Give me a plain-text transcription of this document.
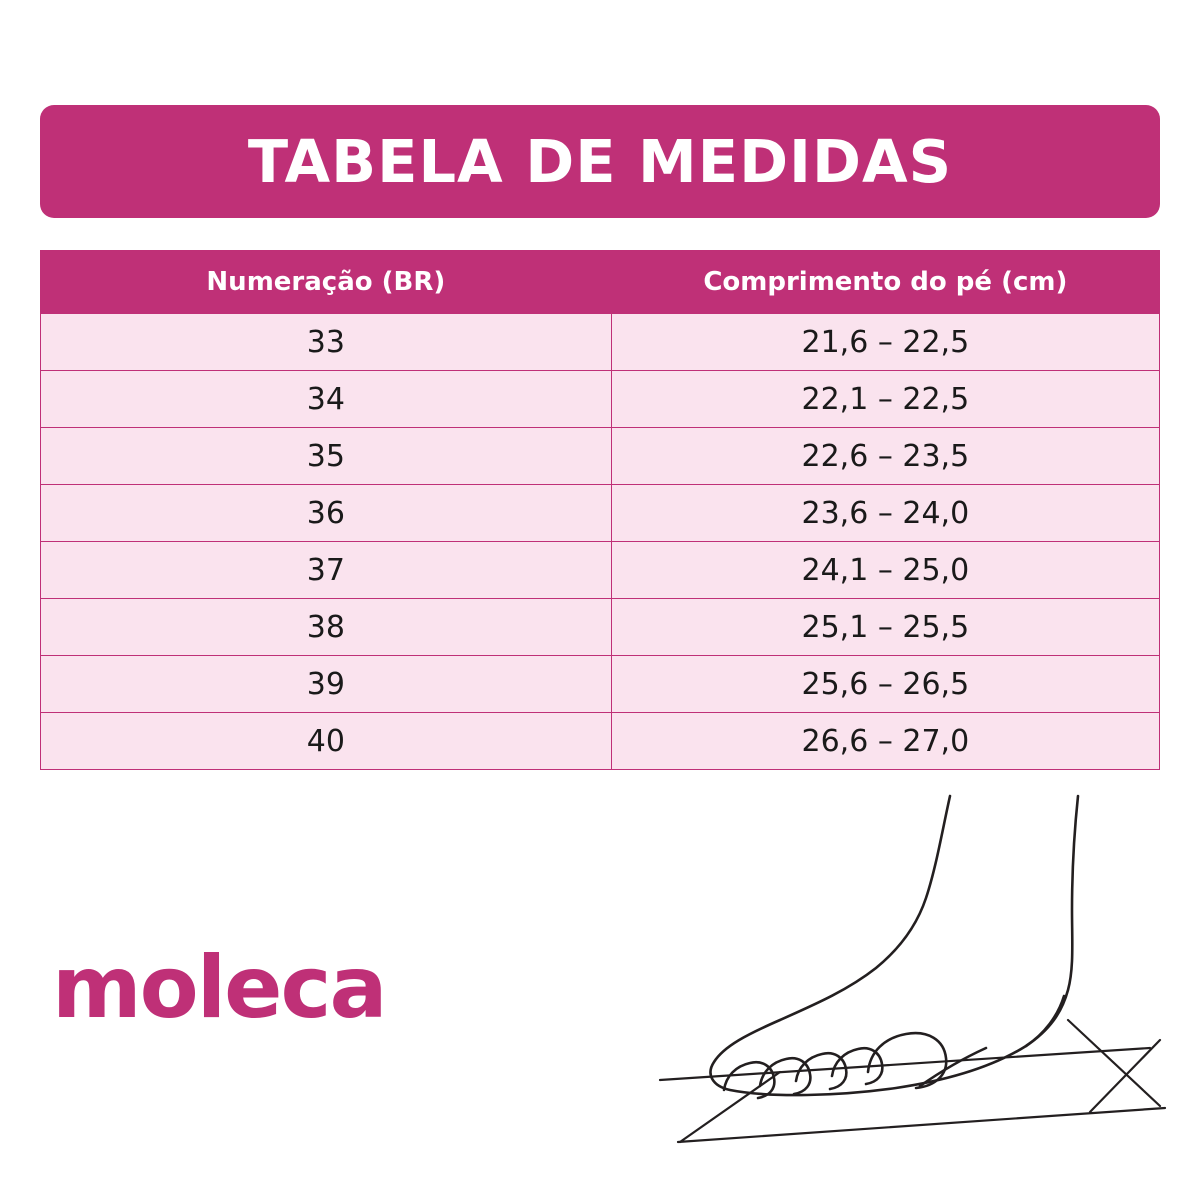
TABELA DE MEDIDAS
Numeração (BR)	Comprimento do pé (cm)
33	21,6 – 22,5
34	22,1 – 22,5
35	22,6 – 23,5
36	23,6 – 24,0
37	24,1 – 25,0
38	25,1 – 25,5
39	25,6 – 26,5
40	26,6 – 27,0
moleca
